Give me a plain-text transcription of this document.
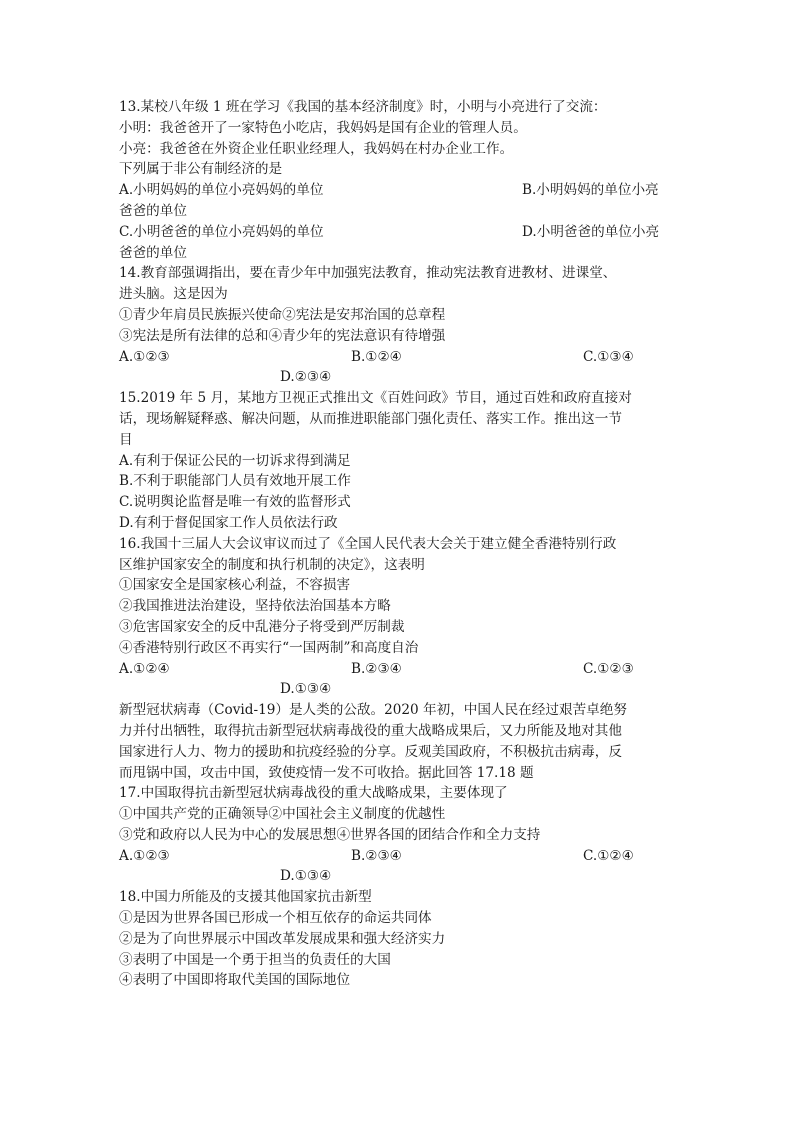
13.某校八年级 1 班在学习《我国的基本经济制度》时，小明与小亮进行了交流：
小明：我爸爸开了一家特色小吃店，我妈妈是国有企业的管理人员。
小亮：我爸爸在外资企业任职业经理人，我妈妈在村办企业工作。
下列属于非公有制经济的是
A.小明妈妈的单位小亮妈妈的单位	B.小明妈妈的单位小亮
爸爸的单位
C.小明爸爸的单位小亮妈妈的单位	D.小明爸爸的单位小亮
爸爸的单位
14.教育部强调指出，要在青少年中加强宪法教育，推动宪法教育进教材、进课堂、
进头脑。这是因为
①青少年肩员民族振兴使命②宪法是安邦治国的总章程
③宪法是所有法律的总和④青少年的宪法意识有待增强
A.①②③	B.①②④	C.①③④
D.②③④
15.2019 年 5 月，某地方卫视正式推出文《百姓问政》节目，通过百姓和政府直接对
话，现场解疑释惑、解决问题，从而推进职能部门强化责任、落实工作。推出这一节
目
A.有利于保证公民的一切诉求得到满足
B.不利于职能部门人员有效地开展工作
C.说明舆论监督是唯一有效的监督形式
D.有利于督促国家工作人员依法行政
16.我国十三届人大会议审议而过了《全国人民代表大会关于建立健全香港特别行政
区维护国家安全的制度和执行机制的决定》，这表明
①国家安全是国家核心利益，不容损害
②我国推进法治建设，坚持依法治国基本方略
③危害国家安全的反中乱港分子将受到严厉制裁
④香港特别行政区不再实行“一国两制”和高度自治
A.①②④	B.②③④	C.①②③
D.①③④
新型冠状病毒（Covid-19）是人类的公敌。2020 年初，中国人民在经过艰苦卓绝努
力并付出牺牲，取得抗击新型冠状病毒战役的重大战略成果后，又力所能及地对其他
国家进行人力、物力的援助和抗疫经验的分享。反观美国政府，不积极抗击病毒，反
而甩锅中国，攻击中国，致使疫情一发不可收拾。据此回答 17.18 题
17.中国取得抗击新型冠状病毒战役的重大战略成果，主要体现了
①中国共产党的正确领导②中国社会主义制度的优越性
③党和政府以人民为中心的发展思想④世界各国的团结合作和全力支持
A.①②③	B.②③④	C.①②④
D.①③④
18.中国力所能及的支援其他国家抗击新型
①是因为世界各国已形成一个相互依存的命运共同体
②是为了向世界展示中国改革发展成果和强大经济实力
③表明了中国是一个勇于担当的负责任的大国
④表明了中国即将取代美国的国际地位
